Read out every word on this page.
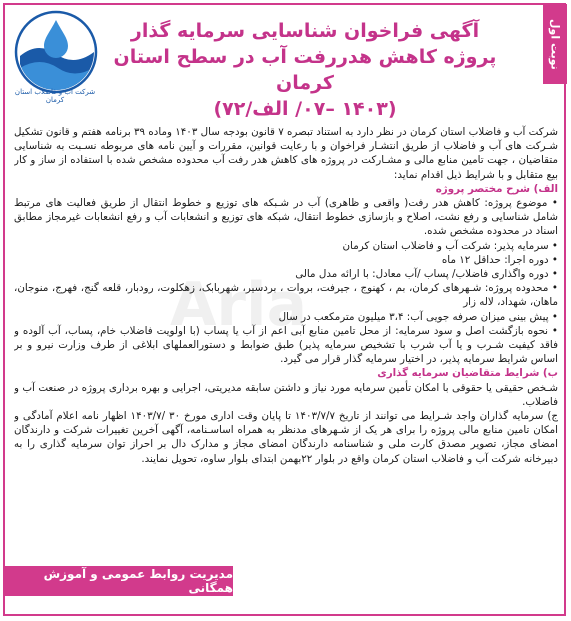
نوبت اول
شرکت آب و فاضلاب استان کرمان
آگهی فراخوان شناسایی سرمایه گذار
پروژه کاهش هدررفت آب در سطح استان کرمان
(۱۴۰۳ –۰۷/ الف/۷۲)
Aria

شرکت آب و فاضلاب استان کرمان در نظر دارد به استناد تبصره ۷ قانون بودجه سال ۱۴۰۳ وماده ۳۹ برنامه هفتم و قانون تشکیل شـرکت های آب و فاضلاب از طریق انتشـار فراخوان و با رعایت قوانین، مقررات و آیین نامه های مربوطه نسـبت به شناسایی متقاضیان ، جهت تامین منابع مالی و مشـارکت در پروژه های کاهش هدر رفت آب محدوده مشخص شده با استفاده از ساز و کار بیع متقابل و با شرایط ذیل اقدام نماید:

الف) شرح مختصر پروژه

• موضوع پروژه: کاهش هدر رفت( واقعی و ظاهری) آب در شـبکه های توزیع و خطوط انتقال از طریق فعالیت های مرتبط شامل شناسایی و رفع نشت، اصلاح و بازسازی خطوط انتقال، شبکه های توزیع و انشعابات آب و رفع انشعابات غیرمجاز مطابق اسناد در محدوده مشخص شده.

• سرمایه پذیر: شرکت آب و فاضلاب استان کرمان

• دوره اجرا: حداقل ۱۲ ماه

• دوره واگذاری فاضلاب/ پساب /آب معادل: با ارائه مدل مالی

• محدوده پروژه: شـهرهای کرمان، بم ، کهنوج ، جیرفت، بروات ، بردسیر، شهربابک، زهکلوت، رودبار، قلعه گنج، فهرج، منوجان، ماهان، شهداد، لاله زار

• پیش بینی میزان صرفه جویی آب: ۳،۴ میلیون مترمکعب در سال

• نحوه بازگشت اصل و سود سرمایه: از محل تامین منابع آبی اعم از آب یا پساب (با اولویت فاضلاب خام، پساب، آب آلوده و فاقد کیفیت شـرب و یا آب شرب با تشخیص سرمایه پذیر) طبق ضوابط و دستورالعملهای ابلاغی از طرف وزارت نیرو و بر اساس شرایط سرمایه پذیر، در اختیار سرمایه گذار قرار می گیرد.

ب) شرایط متقاضیان سرمایه گذاری

شـخص حقیقی یا حقوقی با امکان تأمین سرمایه مورد نیاز و داشتن سابقه مدیریتی، اجرایی و بهره برداری پروژه در صنعت آب و فاضلاب.

ج) سرمایه گذاران واجد شـرایط می توانند از تاریخ ۱۴۰۳/۷/۷ تا پایان وقت اداری مورخ ۳۰ /۱۴۰۳/۷ اظهار نامه اعلام آمادگی و امکان تامین منابع مالی پروژه را برای هر یک از شـهرهای مدنظر به همراه اساسـنامه، آگهی آخرین تغییرات شرکت و دارندگان امضای مجاز، تصویر مصدق کارت ملی و شناسنامه دارندگان امضای مجاز و مدارک دال بر احراز توان سرمایه گذاری را به دبیرخانه شرکت آب و فاضلاب استان کرمان واقع در بلوار ۲۲بهمن ابتدای بلوار ساوه، تحویل نمایند.

مدیریت روابط عمومی و آموزش همگانی
